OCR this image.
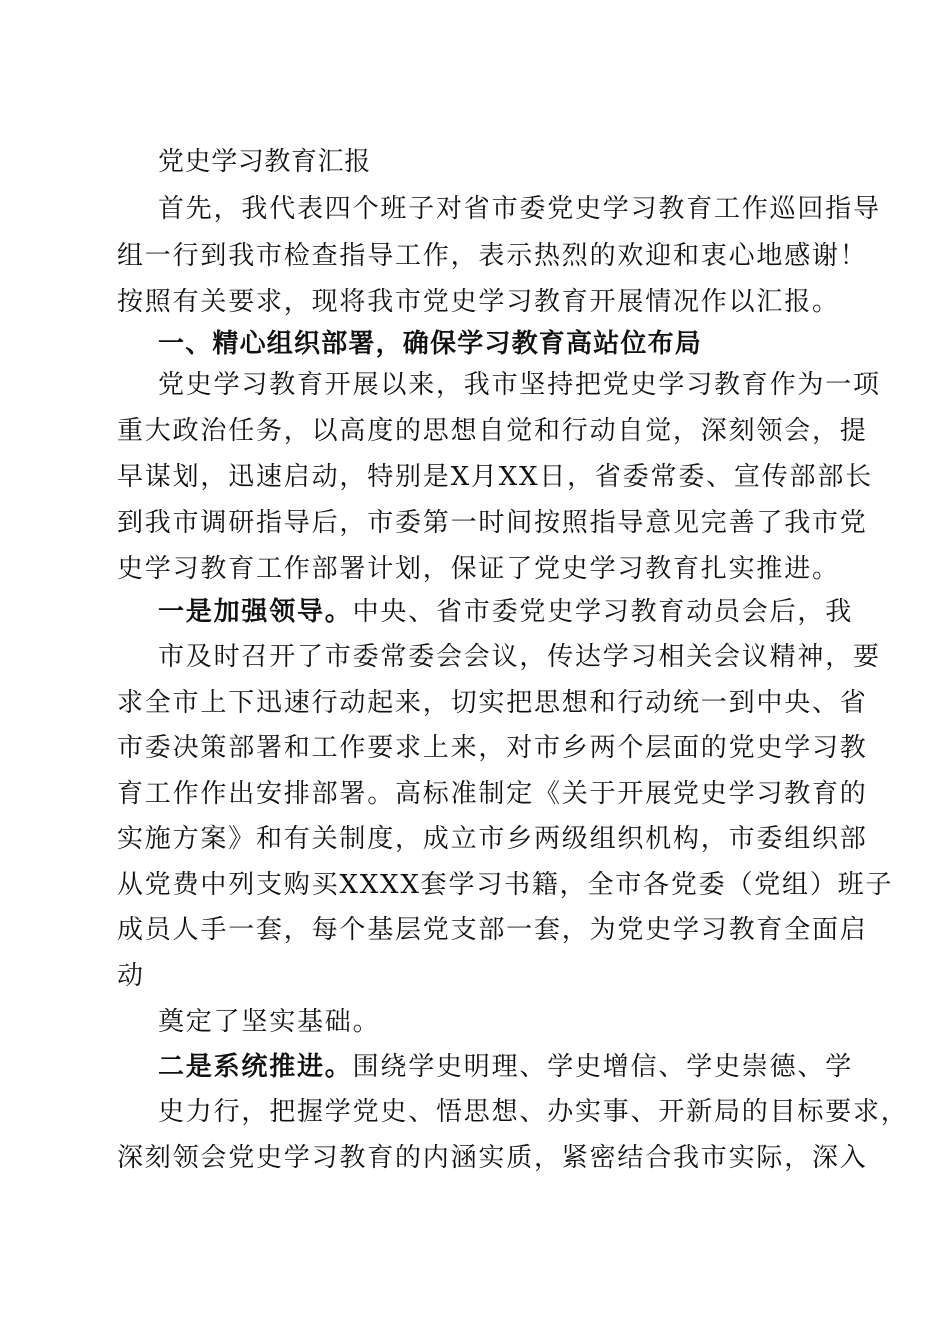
党史学习教育汇报
首先，我代表四个班子对省市委党史学习教育工作巡回指导
组一行到我市检查指导工作，表示热烈的欢迎和衷心地感谢！
按照有关要求，现将我市党史学习教育开展情况作以汇报。
一、精心组织部署，确保学习教育高站位布局
党史学习教育开展以来，我市坚持把党史学习教育作为一项
重大政治任务，以高度的思想自觉和行动自觉，深刻领会，提
早谋划，迅速启动，特别是X月XX日，省委常委、宣传部部长
到我市调研指导后，市委第一时间按照指导意见完善了我市党
史学习教育工作部署计划，保证了党史学习教育扎实推进。
一是加强领导。中央、省市委党史学习教育动员会后，我
市及时召开了市委常委会会议，传达学习相关会议精神，要
求全市上下迅速行动起来，切实把思想和行动统一到中央、省
市委决策部署和工作要求上来，对市乡两个层面的党史学习教
育工作作出安排部署。高标准制定《关于开展党史学习教育的
实施方案》和有关制度，成立市乡两级组织机构，市委组织部
从党费中列支购买XXXX套学习书籍，全市各党委（党组）班子
成员人手一套，每个基层党支部一套，为党史学习教育全面启
动
奠定了坚实基础。
二是系统推进。围绕学史明理、学史增信、学史崇德、学
史力行，把握学党史、悟思想、办实事、开新局的目标要求，
深刻领会党史学习教育的内涵实质，紧密结合我市实际，深入
